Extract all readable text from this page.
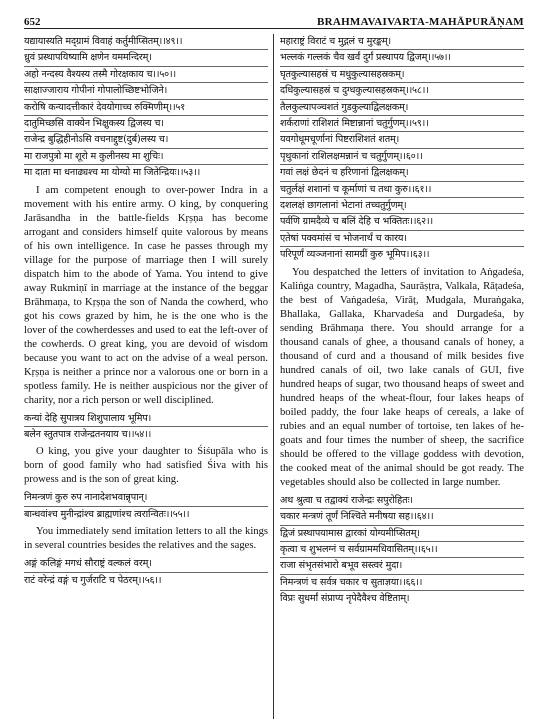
652	BRAHMAVAIVARTA-MAHĀPURĀṆAM
यद्यायास्यति मद्ग्रामं विवाहं कर्तुमीप्सितम्।।४९।।
ध्रुवं प्रस्थापयिष्यामि क्षणेन यममन्दिरम्।
अहो नन्दस्य वैश्यस्य तस्मै गोरक्षकाय च।।५०।।
साक्षाज्जाराय गोपीनां गोपालोच्छिष्टभोजिने।
करोषि कन्यादत्तीकारं देवयोगाच्च रुक्मिणीम्।।५१
दातुमिच्छसि वाक्येन भिक्षुकस्य द्विजस्य च।
राजेन्द्र बुद्धिहीनोऽसि वचनाद्दुष्ट(दुर्ब)लस्य च।
मा राजपुत्रो मा शूरो म कुलीनस्य मा शुचिः।
मा दाता मा धनाढ्यश्च मा योग्यो मा जितेन्द्रियः।।५३।।

I am competent enough to over-power Indra in a movement with his entire army. O king, by conquering Jarāsandha in the battle-fields Kṛṣṇa has become arrogant and considers himself quite valorous by means of his own intelligence. In case he passes through my village for the purpose of marriage then I will surely dispatch him to the abode of Yama. You intend to give away Rukmiṇī in marriage at the instance of the beggar Brāhmaṇa, to Kṛṣṇa the son of Nanda the cowherd, who got his cows grazed by him, he is the one who is the lover of the cowherdesses and used to eat the left-over of the cowherds. O great king, you are devoid of wisdom because you want to act on the advise of a weal person. Kṛṣṇa is neither a prince nor a valorous one or born in a spotless family. He is neither auspicious nor the giver of charity, nor a rich person or well disciplined.

कन्यां देहि सुपात्रय शिशुपालाय भूमिप।
बलेन स्तुतपात्र राजेन्द्रतनयाय च।।५४।।

O king, you give your daughter to Śiśupāla who is born of good family who had satisfied Śiva with his prowess and is the son of great king.

निमन्त्रणं कुरु रुप नानादेशभवान्नृपान्।
बान्धवांश्च मुनीन्द्रांश्च ब्राह्मणांश्च त्वरान्वितः।।५५।।

You immediately send imitation letters to all the kings in several countries besides the relatives and the sages.

अङ्गं कलिङ्गं मगधं सौराष्ट्रं वल्कलं वरम्।
राटं वरेन्द्रं वङ्गं च गुर्जराटि च पेठरम्।।५६।।
महाराष्ट्रं विराटं च मुद्गलं च मुरङ्कम्।
भल्लकं गल्लकं चैव खर्वं दुर्गं प्रस्थापय द्विजम्।।५७।।
घृतकुल्यासहस्रं च मधुकुल्यासहस्रकम्।
दधिकुल्यासहस्रं च दुग्धकुल्यासहस्रकम्।।५८।।
तैलकुल्यापञ्चशतं गुडकुल्याद्विलक्षकम्।
शर्कराणां राशिशतं मिष्टान्नानां चतुर्गुणम्।।५९।।
यवगोधूमचूर्णानां पिष्टराशिशतं शतम्।
पृथुकानां राशिलक्षमन्नानं च चतुर्गुणम्।।६०।।
गवां लक्षं छेदनं च हरिणानां द्विलक्षकम्।
चतुर्लक्षं शशानां च कूर्माणां च तथा कुरु।।६१।।
दशलक्षं छागलानां भेटानां तच्चतुर्गुणम्।
पर्वणि ग्रामदैव्ये च बलिं देहि च भक्तितः।।६२।।
एतेषां पक्वमांसं च भोजनार्थं च कारय।
परिपूर्णं व्यञ्जनानां सामग्रीं कुरु भूमिप।।६३।।

You despatched the letters of invitation to Aṅgadeśa, Kaliṅga country, Magadha, Saurāṣṭra, Valkala, Rāṭadeśa, the best of Vaṅgadeśa, Virāṭ, Mudgala, Muraṅgaka, Bhallaka, Gallaka, Kharvadeśa and Durgadeśa, by sending Brāhmaṇa there. You should arrange for a thousand canals of ghee, a thousand canals of honey, a thousand of curd and a thousand of milk besides five hundred canals of oil, two lake canals of GUI, five hundred heaps of sugar, two thousand heaps of sweet and hundred heaps of the wheat-flour, four lakes heaps of boiled paddy, the four lake heaps of cereals, a lake of rubies and an equal number of tortoise, ten lakes of he-goats and four times the number of sheep, the sacrifice should be offered to the village goddess with devotion, the cooked meat of the animal should be got ready. The vegetables should also be collected in large number.

अथ श्रुत्वा च तद्वाक्यं राजेन्द्रः सपुरोहितः।
चकार मन्त्रणं तूर्णं निश्चिते मनीषया सह।।६४।।
द्विजं प्रस्थापयामास द्वारकां योग्यमीप्सितम्।
कृत्वा च शुभलग्नं च सर्वग्राममधिवासितम्।।६५।।
राजा संभृतसंभारो बभूव सस्त्वरं मुदा।
निमन्त्रणं च सर्वत्र चकार च सुताज्ञया।।६६।।
विप्रः सुधर्मां संप्राप्य नृपेदैवैश्च वेष्टिताम्।
